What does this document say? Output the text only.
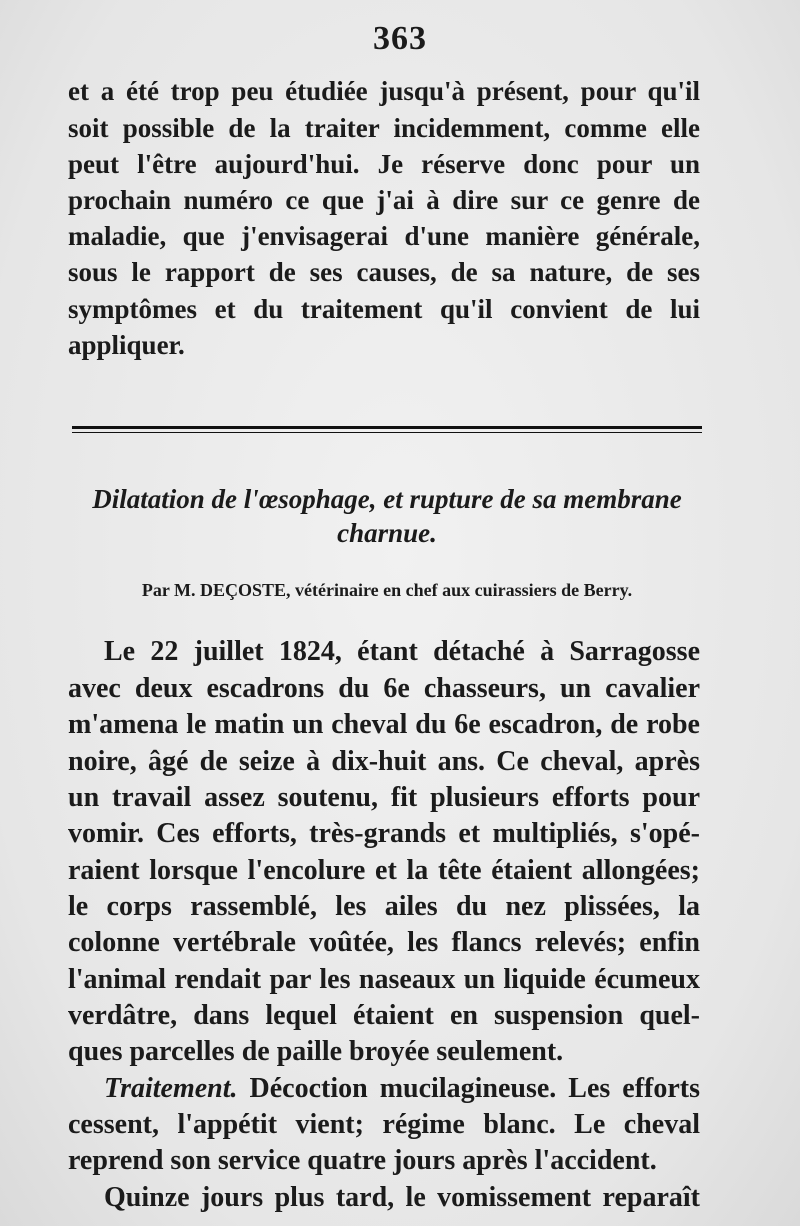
363
et a été trop peu étudiée jusqu'à présent, pour qu'il
soit possible de la traiter incidemment, comme elle
peut l'être aujourd'hui. Je réserve donc pour un
prochain numéro ce que j'ai à dire sur ce genre de
maladie, que j'envisagerai d'une manière générale,
sous le rapport de ses causes, de sa nature, de ses
symptômes et du traitement qu'il convient de lui
appliquer.
Dilatation de l'œsophage, et rupture de sa membrane
charnue.
Par M. DEÇOSTE, vétérinaire en chef aux cuirassiers de Berry.
Le 22 juillet 1824, étant détaché à Sarragosse
avec deux escadrons du 6e chasseurs, un cavalier
m'amena le matin un cheval du 6e escadron, de robe
noire, âgé de seize à dix-huit ans. Ce cheval, après
un travail assez soutenu, fit plusieurs efforts pour
vomir. Ces efforts, très-grands et multipliés, s'opé-
raient lorsque l'encolure et la tête étaient allongées;
le corps rassemblé, les ailes du nez plissées, la
colonne vertébrale voûtée, les flancs relevés; enfin
l'animal rendait par les naseaux un liquide écumeux
verdâtre, dans lequel étaient en suspension quel-
ques parcelles de paille broyée seulement.
Traitement. Décoction mucilagineuse. Les efforts
cessent, l'appétit vient; régime blanc. Le cheval
reprend son service quatre jours après l'accident.
Quinze jours plus tard, le vomissement reparaît
